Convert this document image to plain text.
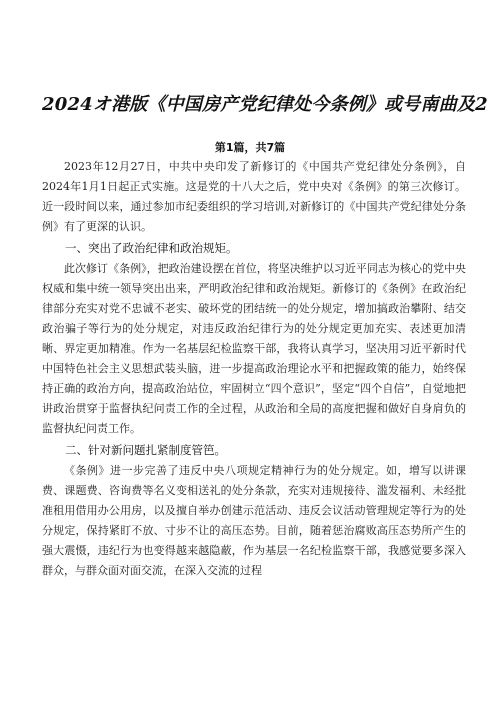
2024オ港版《中国房产党纪律处今条例》或号南曲及2
第1篇，共7篇

2023年12月27日，中共中央印发了新修订的《中国共产党纪律处分条例》，自2024年1月1日起正式实施。这是党的十八大之后，党中央对《条例》的第三次修订。近一段时间以来，通过参加市纪委组织的学习培训,对新修订的《中国共产党纪律处分条例》有了更深的认识。

一、突出了政治纪律和政治规矩。

此次修订《条例》，把政治建设摆在首位，将坚决维护以习近平同志为核心的党中央权威和集中统一领导突出出来，严明政治纪律和政治规矩。新修订的《条例》在政治纪律部分充实对党不忠诚不老实、破坏党的团结统一的处分规定，增加搞政治攀附、结交政治骗子等行为的处分规定，对违反政治纪律行为的处分规定更加充实、表述更加清晰、界定更加精准。作为一名基层纪检监察干部，我将认真学习，坚决用习近平新时代中国特色社会主义思想武装头脑，进一步提高政治理论水平和把握政策的能力，始终保持正确的政治方向，提高政治站位，牢固树立“四个意识”，坚定“四个自信”，自觉地把讲政治贯穿于监督执纪问责工作的全过程，从政治和全局的高度把握和做好自身肩负的监督执纪问责工作。

二、针对新问题扎紧制度管笆。

《条例》进一步完善了违反中央八项规定精神行为的处分规定。如，增写以讲课费、课题费、咨询费等名义变相送礼的处分条款，充实对违规接待、滥发福利、未经批准租用借用办公用房，以及擅自举办创建示范活动、违反会议活动管理规定等行为的处分规定，保持紧盯不放、寸步不让的高压态势。目前，随着惩治腐败高压态势所产生的强大震慑，违纪行为也变得越来越隐蔽，作为基层一名纪检监察干部，我感觉要多深入群众，与群众面对面交流，在深入交流的过程
